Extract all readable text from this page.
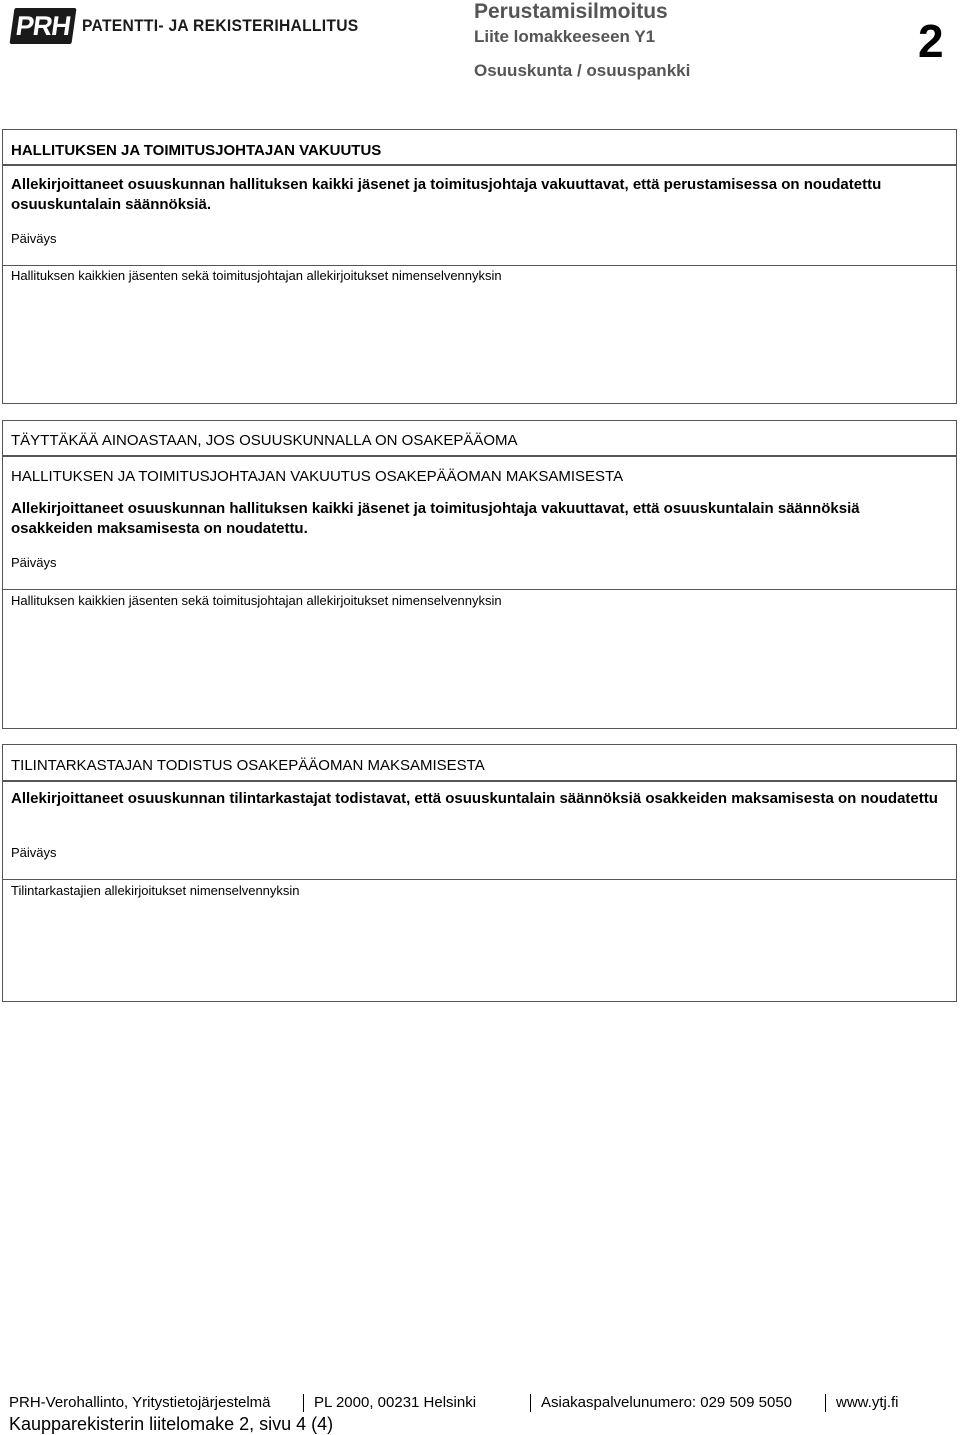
PRH PATENTTI- JA REKISTERIHALLITUS
Perustamisilmoitus
Liite lomakkeeseen Y1
Osuuskunta / osuuspankki
2
HALLITUKSEN JA TOIMITUSJOHTAJAN VAKUUTUS
Allekirjoittaneet osuuskunnan hallituksen kaikki jäsenet ja toimitusjohtaja vakuuttavat, että perustamisessa on noudatettu osuuskuntalain säännöksiä.
Päiväys
Hallituksen kaikkien jäsenten sekä toimitusjohtajan allekirjoitukset nimenselvennyksin
TÄYTTÄKÄÄ AINOASTAAN, JOS OSUUSKUNNALLA ON OSAKEPÄÄOMA
HALLITUKSEN JA TOIMITUSJOHTAJAN VAKUUTUS OSAKEPÄÄOMAN MAKSAMISESTA
Allekirjoittaneet osuuskunnan hallituksen kaikki jäsenet ja toimitusjohtaja vakuuttavat, että osuuskuntalain säännöksiä osakkeiden maksamisesta on noudatettu.
Päiväys
Hallituksen kaikkien jäsenten sekä toimitusjohtajan allekirjoitukset nimenselvennyksin
TILINTARKASTAJAN TODISTUS OSAKEPÄÄOMAN MAKSAMISESTA
Allekirjoittaneet osuuskunnan tilintarkastajat todistavat, että osuuskuntalain säännöksiä osakkeiden maksamisesta on noudatettu
Päiväys
Tilintarkastajien allekirjoitukset nimenselvennyksin
PRH-Verohallinto, Yritystietojärjestelmä	PL 2000, 00231 Helsinki	Asiakaspalvelunumero: 029 509 5050	www.ytj.fi
Kaupparekisterin liitelomake 2, sivu 4 (4)
